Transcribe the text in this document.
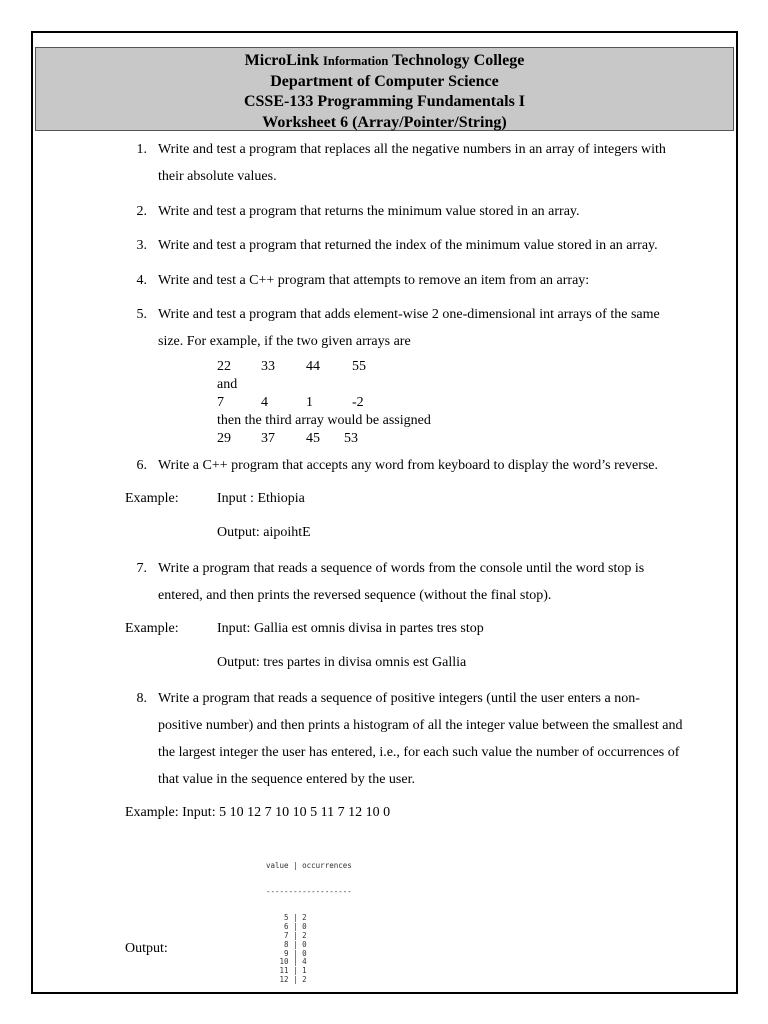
MicroLink Information Technology College
Department of Computer Science
CSSE-133 Programming Fundamentals I
Worksheet 6 (Array/Pointer/String)
1. Write and test a program that replaces all the negative numbers in an array of integers with
their absolute values.
2. Write and test a program that returns the minimum value stored in an array.
3. Write and test a program that returned the index of the minimum value stored in an array.
4. Write and test a C++ program that attempts to remove an item from an array:
5. Write and test a program that adds element-wise 2 one-dimensional int arrays of the same
size. For example, if the two given arrays are
22 33 44 55
and
7	4	1	-2
then the third array would be assigned
29 37 45 53
6. Write a C++ program that accepts any word from keyboard to display the word’s reverse.
Example:	Input : Ethiopia
Output: aipoihtE
7. Write a program that reads a sequence of words from the console until the word stop is
entered, and then prints the reversed sequence (without the final stop).
Example:	Input: Gallia est omnis divisa in partes tres stop
Output: tres partes in divisa omnis est Gallia
8. Write a program that reads a sequence of positive integers (until the user enters a non-
positive number) and then prints a histogram of all the integer value between the smallest and
the largest integer the user has entered, i.e., for each such value the number of occurrences of
that value in the sequence entered by the user.
Example: Input: 5 10 12 7 10 10 5 11 7 12 10 0

value | occurrences

-------------------

5 | 2
6 | 0
7 | 2
8 | 0
9 | 0
10 | 4
11 | 1
12 | 2

Output:
